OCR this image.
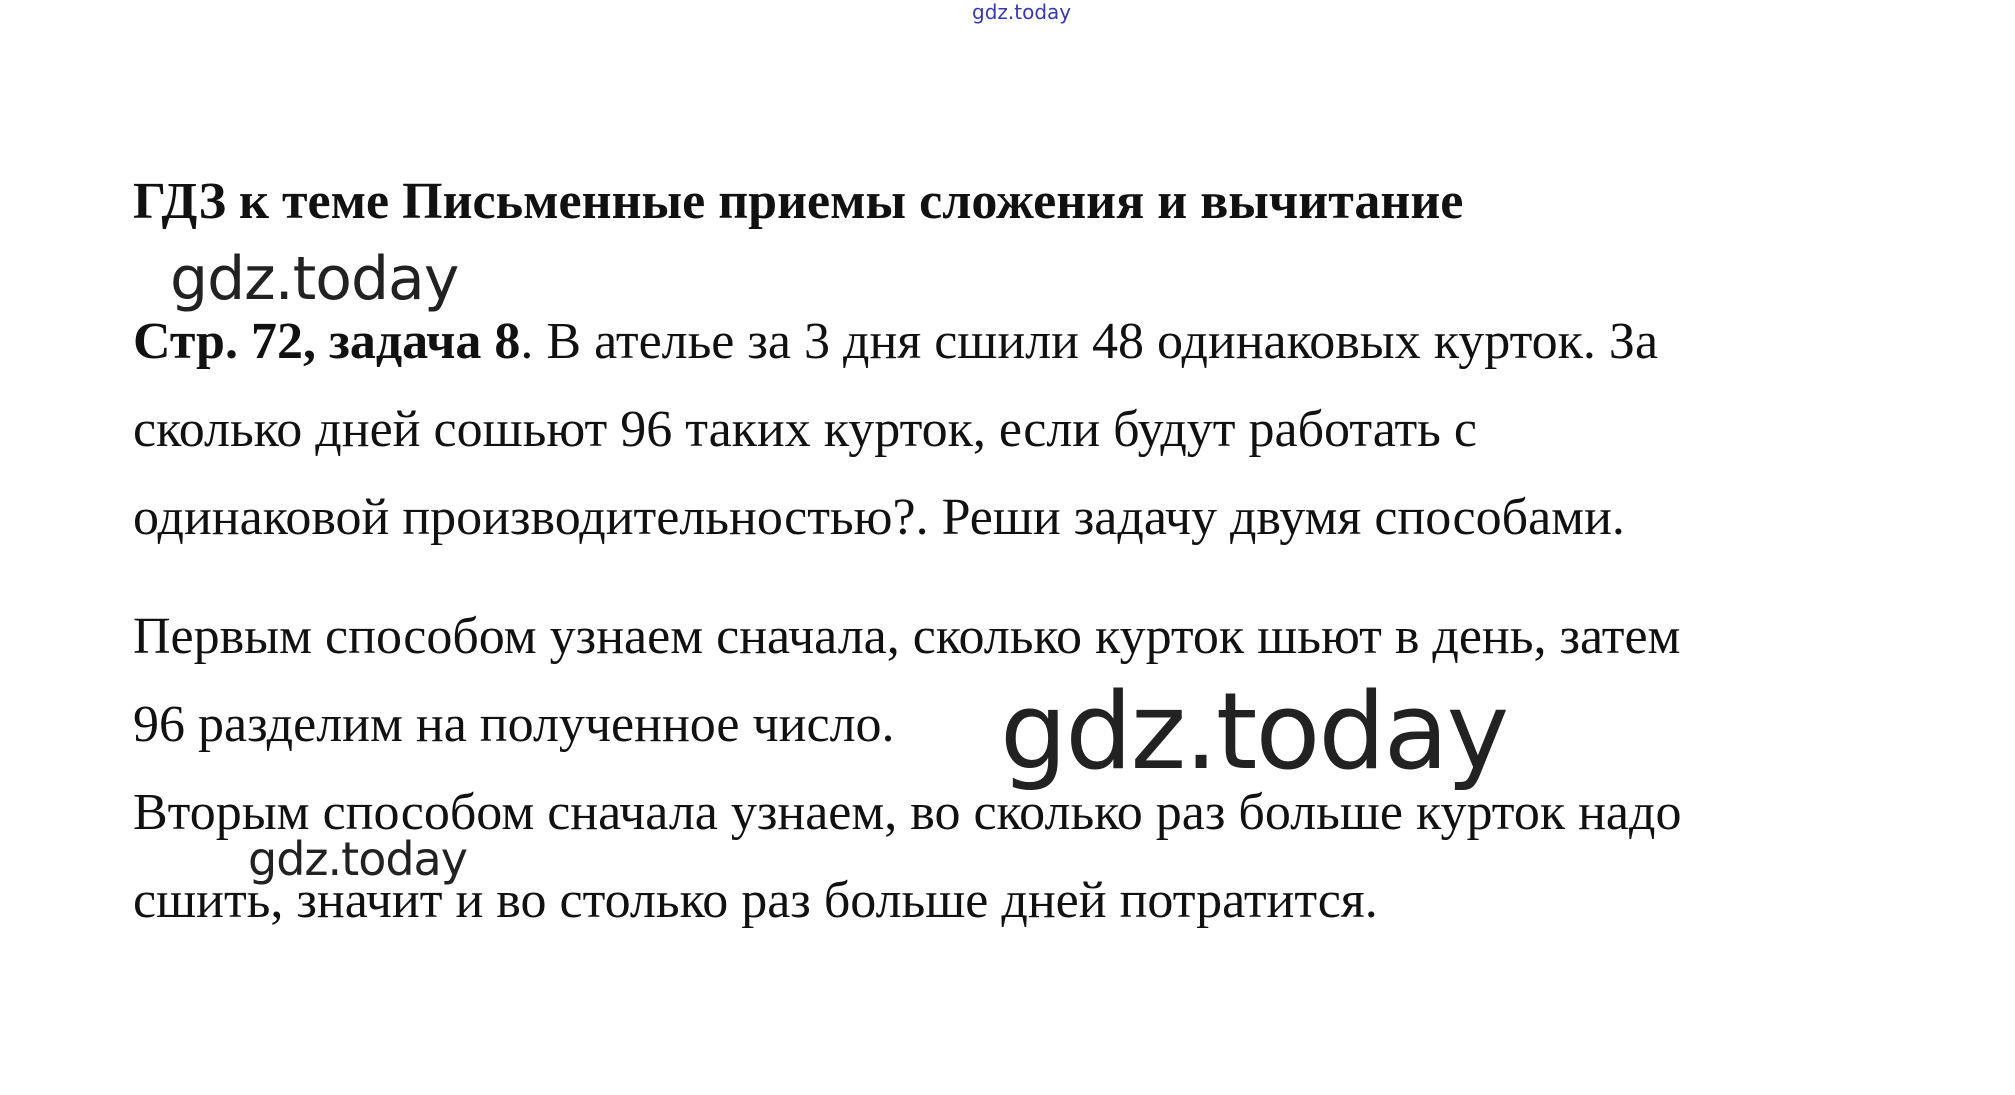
gdz.today
ГДЗ к теме Письменные приемы сложения и вычитание
gdz.today
Стр. 72, задача 8. В ателье за 3 дня сшили 48 одинаковых курток. За
сколько дней сошьют 96 таких курток, если будут работать с
одинаковой производительностью?. Реши задачу двумя способами.
Первым способом узнаем сначала, сколько курток шьют в день, затем
96 разделим на полученное число. gdz.today
Вторым способом сначала узнаем, во сколько раз больше курток надо
gdz.today
сшить, значит и во столько раз больше дней потратится.
